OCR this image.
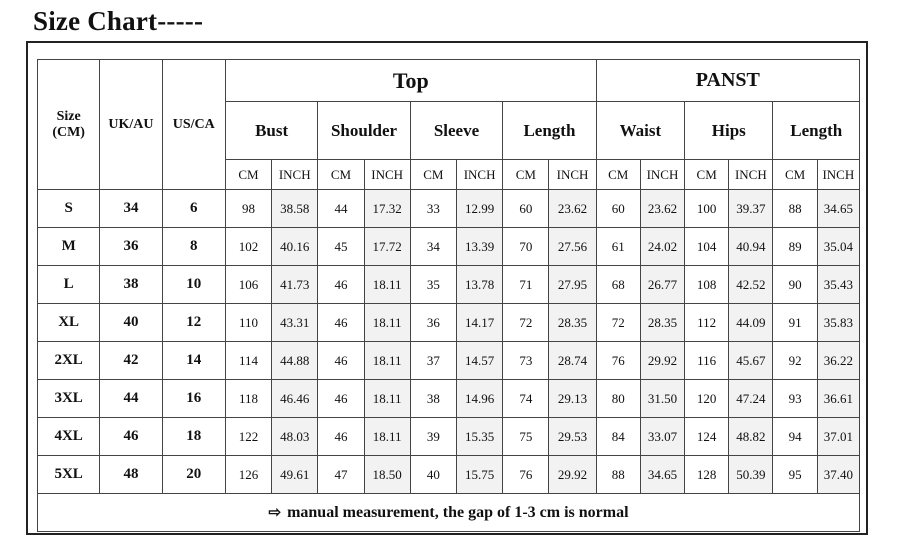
Size Chart-----
Size
(CM)	UK/AU	US/CA	Top								PANST					
			Bust		Shoulder		Sleeve		Length		Waist		Hips		Length	
			CM	INCH	CM	INCH	CM	INCH	CM	INCH	CM	INCH	CM	INCH	CM	INCH
S	34	6	98	38.58	44	17.32	33	12.99	60	23.62	60	23.62	100	39.37	88	34.65
M	36	8	102	40.16	45	17.72	34	13.39	70	27.56	61	24.02	104	40.94	89	35.04
L	38	10	106	41.73	46	18.11	35	13.78	71	27.95	68	26.77	108	42.52	90	35.43
XL	40	12	110	43.31	46	18.11	36	14.17	72	28.35	72	28.35	112	44.09	91	35.83
2XL	42	14	114	44.88	46	18.11	37	14.57	73	28.74	76	29.92	116	45.67	92	36.22
3XL	44	16	118	46.46	46	18.11	38	14.96	74	29.13	80	31.50	120	47.24	93	36.61
4XL	46	18	122	48.03	46	18.11	39	15.35	75	29.53	84	33.07	124	48.82	94	37.01
5XL	48	20	126	49.61	47	18.50	40	15.75	76	29.92	88	34.65	128	50.39	95	37.40
⇨ manual measurement, the gap of 1-3 cm is normal																
